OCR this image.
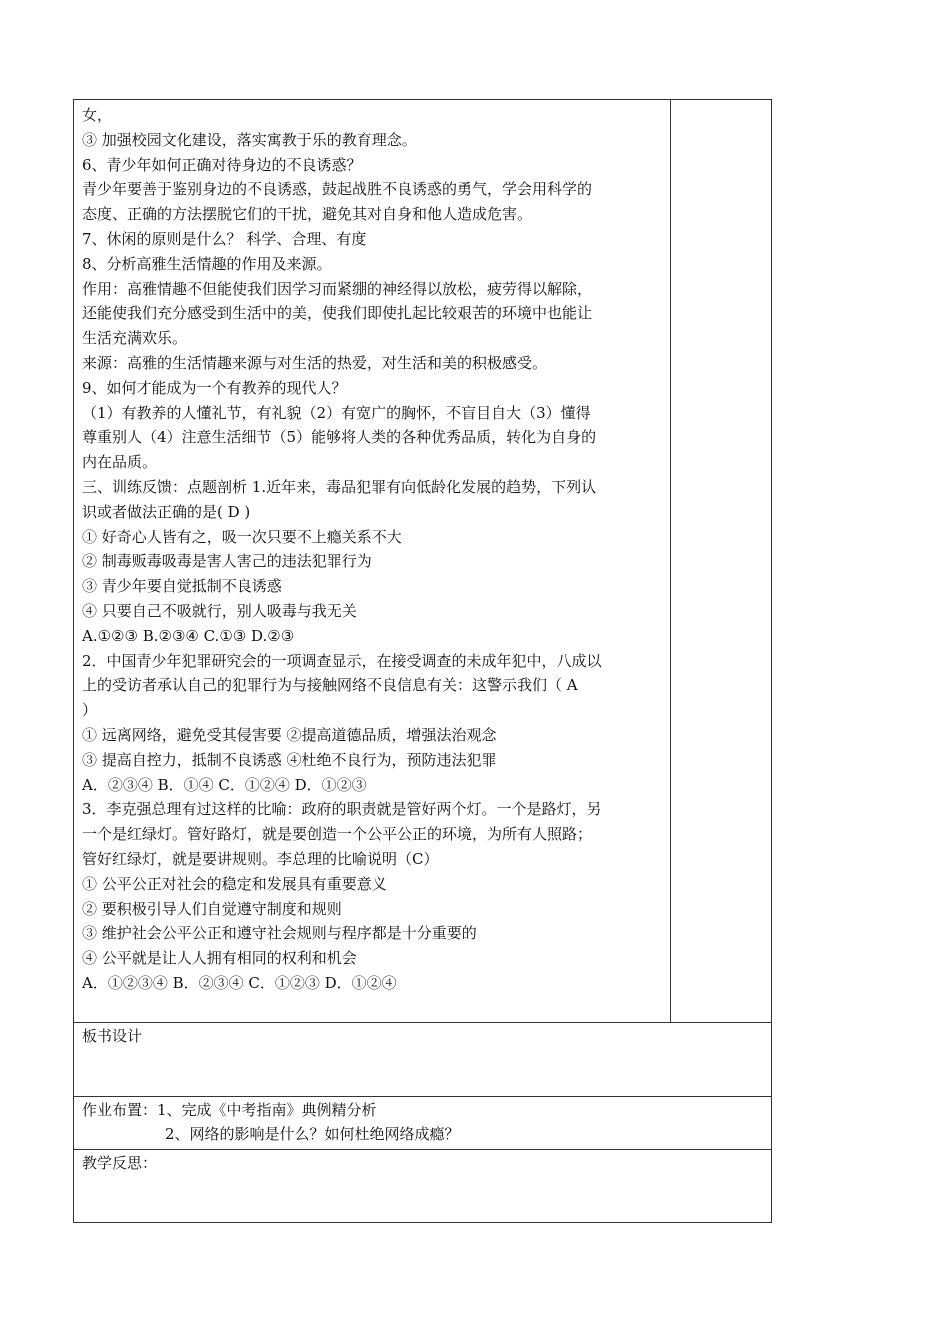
女，
③ 加强校园文化建设，落实寓教于乐的教育理念。
6、青少年如何正确对待身边的不良诱惑？
青少年要善于鉴别身边的不良诱惑，鼓起战胜不良诱惑的勇气，学会用科学的
态度、正确的方法摆脱它们的干扰，避免其对自身和他人造成危害。
7、休闲的原则是什么？ 科学、合理、有度
8、分析高雅生活情趣的作用及来源。
作用：高雅情趣不但能使我们因学习而紧绷的神经得以放松，疲劳得以解除，
还能使我们充分感受到生活中的美，使我们即使扎起比较艰苦的环境中也能让
生活充满欢乐。
来源：高雅的生活情趣来源与对生活的热爱，对生活和美的积极感受。
9、如何才能成为一个有教养的现代人？
（1）有教养的人懂礼节，有礼貌（2）有宽广的胸怀，不盲目自大（3）懂得
尊重别人（4）注意生活细节（5）能够将人类的各种优秀品质，转化为自身的
内在品质。
三、训练反馈：点题剖析 1.近年来，毒品犯罪有向低龄化发展的趋势，下列认
识或者做法正确的是( D )
① 好奇心人皆有之，吸一次只要不上瘾关系不大
② 制毒贩毒吸毒是害人害己的违法犯罪行为
③ 青少年要自觉抵制不良诱惑
④ 只要自己不吸就行，别人吸毒与我无关
A.①②③ B.②③④ C.①③ D.②③
2．中国青少年犯罪研究会的一项调查显示，在接受调查的未成年犯中，八成以
上的受访者承认自己的犯罪行为与接触网络不良信息有关：这警示我们（ A
）
① 远离网络，避免受其侵害要 ②提高道德品质，增强法治观念
③ 提高自控力，抵制不良诱惑 ④杜绝不良行为，预防违法犯罪
A．②③④ B．①④ C．①②④ D．①②③
3．李克强总理有过这样的比喻：政府的职责就是管好两个灯。一个是路灯，另
一个是红绿灯。管好路灯，就是要创造一个公平公正的环境，为所有人照路；
管好红绿灯，就是要讲规则。李总理的比喻说明（C）
① 公平公正对社会的稳定和发展具有重要意义
② 要积极引导人们自觉遵守制度和规则
③ 维护社会公平公正和遵守社会规则与程序都是十分重要的
④ 公平就是让人人拥有相同的权利和机会
A．①②③④ B．②③④ C．①②③ D．①②④
板书设计
作业布置：1、完成《中考指南》典例精分析
2、网络的影响是什么？如何杜绝网络成瘾？
教学反思：
